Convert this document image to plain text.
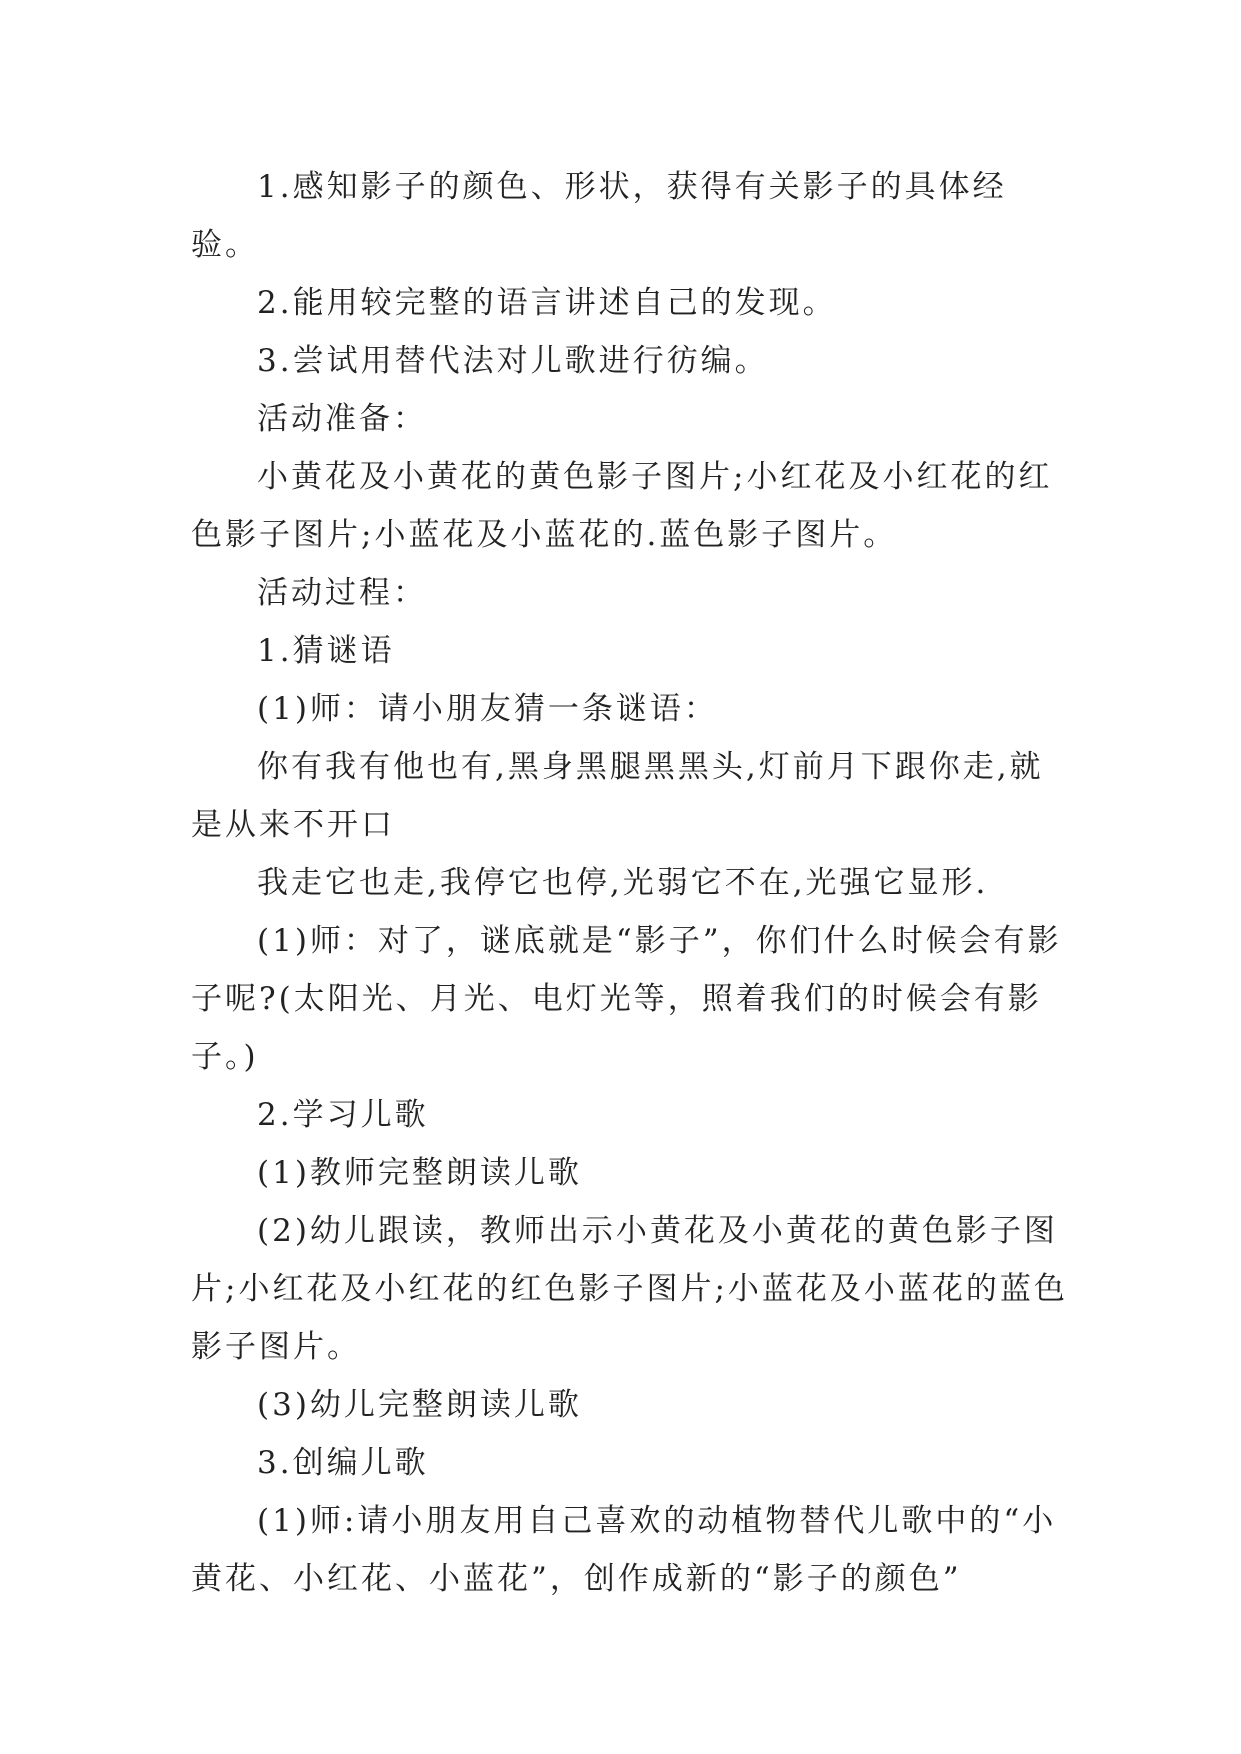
1.感知影子的颜色、形状，获得有关影子的具体经验。

2.能用较完整的语言讲述自己的发现。

3.尝试用替代法对儿歌进行彷编。

活动准备：

小黄花及小黄花的黄色影子图片;小红花及小红花的红色影子图片;小蓝花及小蓝花的.蓝色影子图片。

活动过程：

1.猜谜语

(1)师：请小朋友猜一条谜语：

你有我有他也有,黑身黑腿黑黑头,灯前月下跟你走,就是从来不开口

我走它也走,我停它也停,光弱它不在,光强它显形.

(1)师：对了，谜底就是“影子”，你们什么时候会有影子呢?(太阳光、月光、电灯光等，照着我们的时候会有影子。)

2.学习儿歌

(1)教师完整朗读儿歌

(2)幼儿跟读，教师出示小黄花及小黄花的黄色影子图片;小红花及小红花的红色影子图片;小蓝花及小蓝花的蓝色影子图片。

(3)幼儿完整朗读儿歌

3.创编儿歌

(1)师:请小朋友用自己喜欢的动植物替代儿歌中的“小黄花、小红花、小蓝花”，创作成新的“影子的颜色”
